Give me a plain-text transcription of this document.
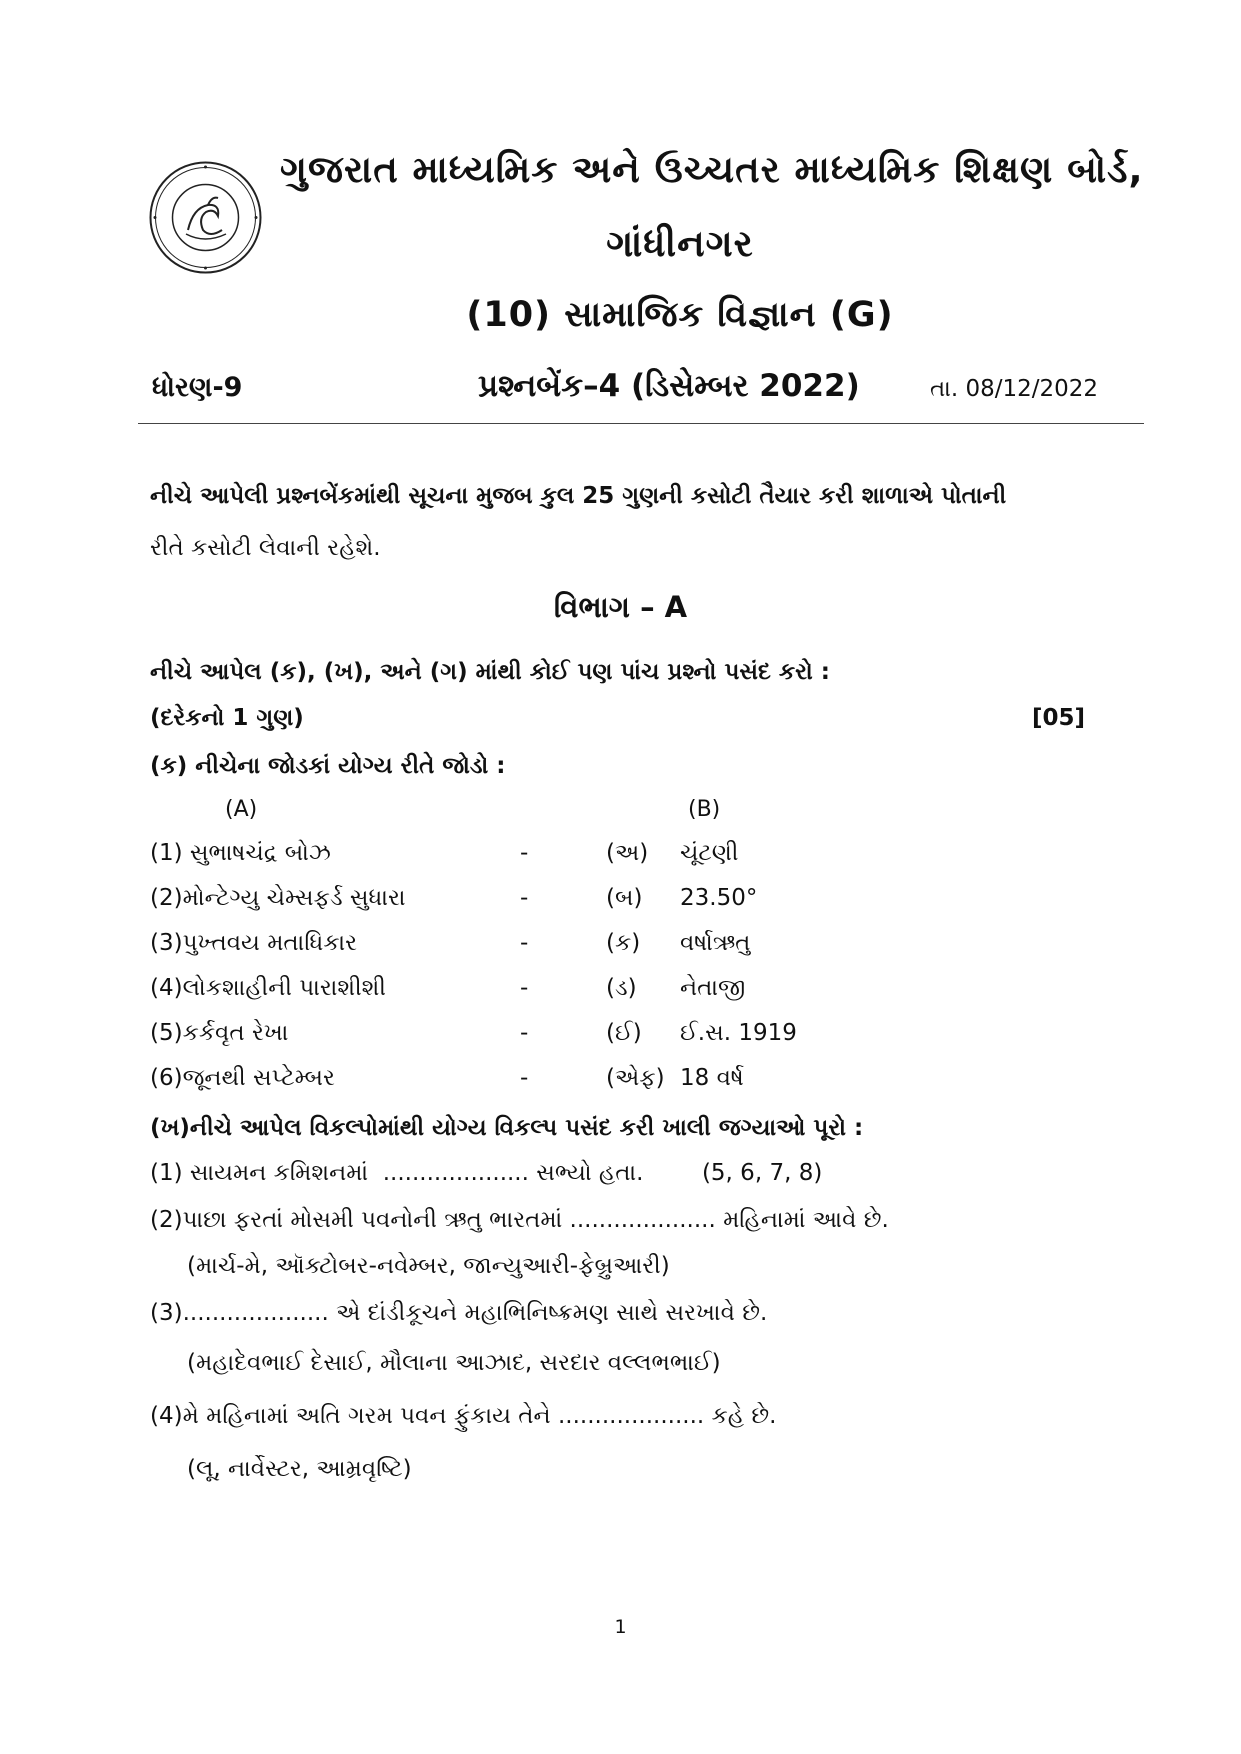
ગુજરાત માધ્યમિક અને ઉચ્ચતર માધ્યમિક શિક્ષણ બોર્ડ,
ગાંધીનગર
(10) સામાજિક વિજ્ઞાન (G)
ધોરણ-9	પ્રશ્નબેંક–4 (ડિસેમ્બર 2022)	તા. 08/12/2022
નીચે આપેલી પ્રશ્નબેંકમાંથી સૂચના મુજબ કુલ 25 ગુણની કસોટી તૈયાર કરી શાળાએ પોતાની
રીતે કસોટી લેવાની રહેશે.
વિભાગ – A
નીચે આપેલ (ક), (ખ), અને (ગ) માંથી કોઈ પણ પાંચ પ્રશ્નો પસંદ કરો :
(દરેકનો 1 ગુણ)	[05]
(ક) નીચેના જોડકાં યોગ્ય રીતે જોડો :
(A)	(B)
(1) સુભાષચંદ્ર બોઝ	-	(અ) ચૂંટણી
(2)મોન્ટેગ્યુ ચેમ્સફર્ડ સુધારા	-	(બ) 23.50°
(3)પુખ્તવય મતાધિકાર	-	(ક) વર્ષાઋતુ
(4)લોકશાહીની પારાશીશી	-	(ડ) નેતાજી
(5)કર્કવૃત રેખા	-	(ઈ) ઈ.સ. 1919
(6)જૂનથી સપ્ટેમ્બર	-	(એફ) 18 વર્ષ
(ખ)નીચે આપેલ વિકલ્પોમાંથી યોગ્ય વિકલ્પ પસંદ કરી ખાલી જગ્યાઓ પૂરો :
(1) સાયમન કમિશનમાં  .................... સભ્યો હતા.        (5, 6, 7, 8)
(2)પાછા ફરતાં મોસમી પવનોની ઋતુ ભારતમાં .................... મહિનામાં આવે છે.
(માર્ચ-મે, ઑક્ટોબર-નવેમ્બર, જાન્યુઆરી-ફેબ્રુઆરી)
(3).................... એ દાંડીકૂચને મહાભિનિષ્ક્રમણ સાથે સરખાવે છે.
(મહાદેવભાઈ દેસાઈ, મૌલાના આઝાદ, સરદાર વલ્લભભાઈ)
(4)મે મહિનામાં અતિ ગરમ પવન ફુંકાય તેને .................... કહે છે.
(લૂ, નાર્વેસ્ટર, આમ્રવૃષ્ટિ)
1
